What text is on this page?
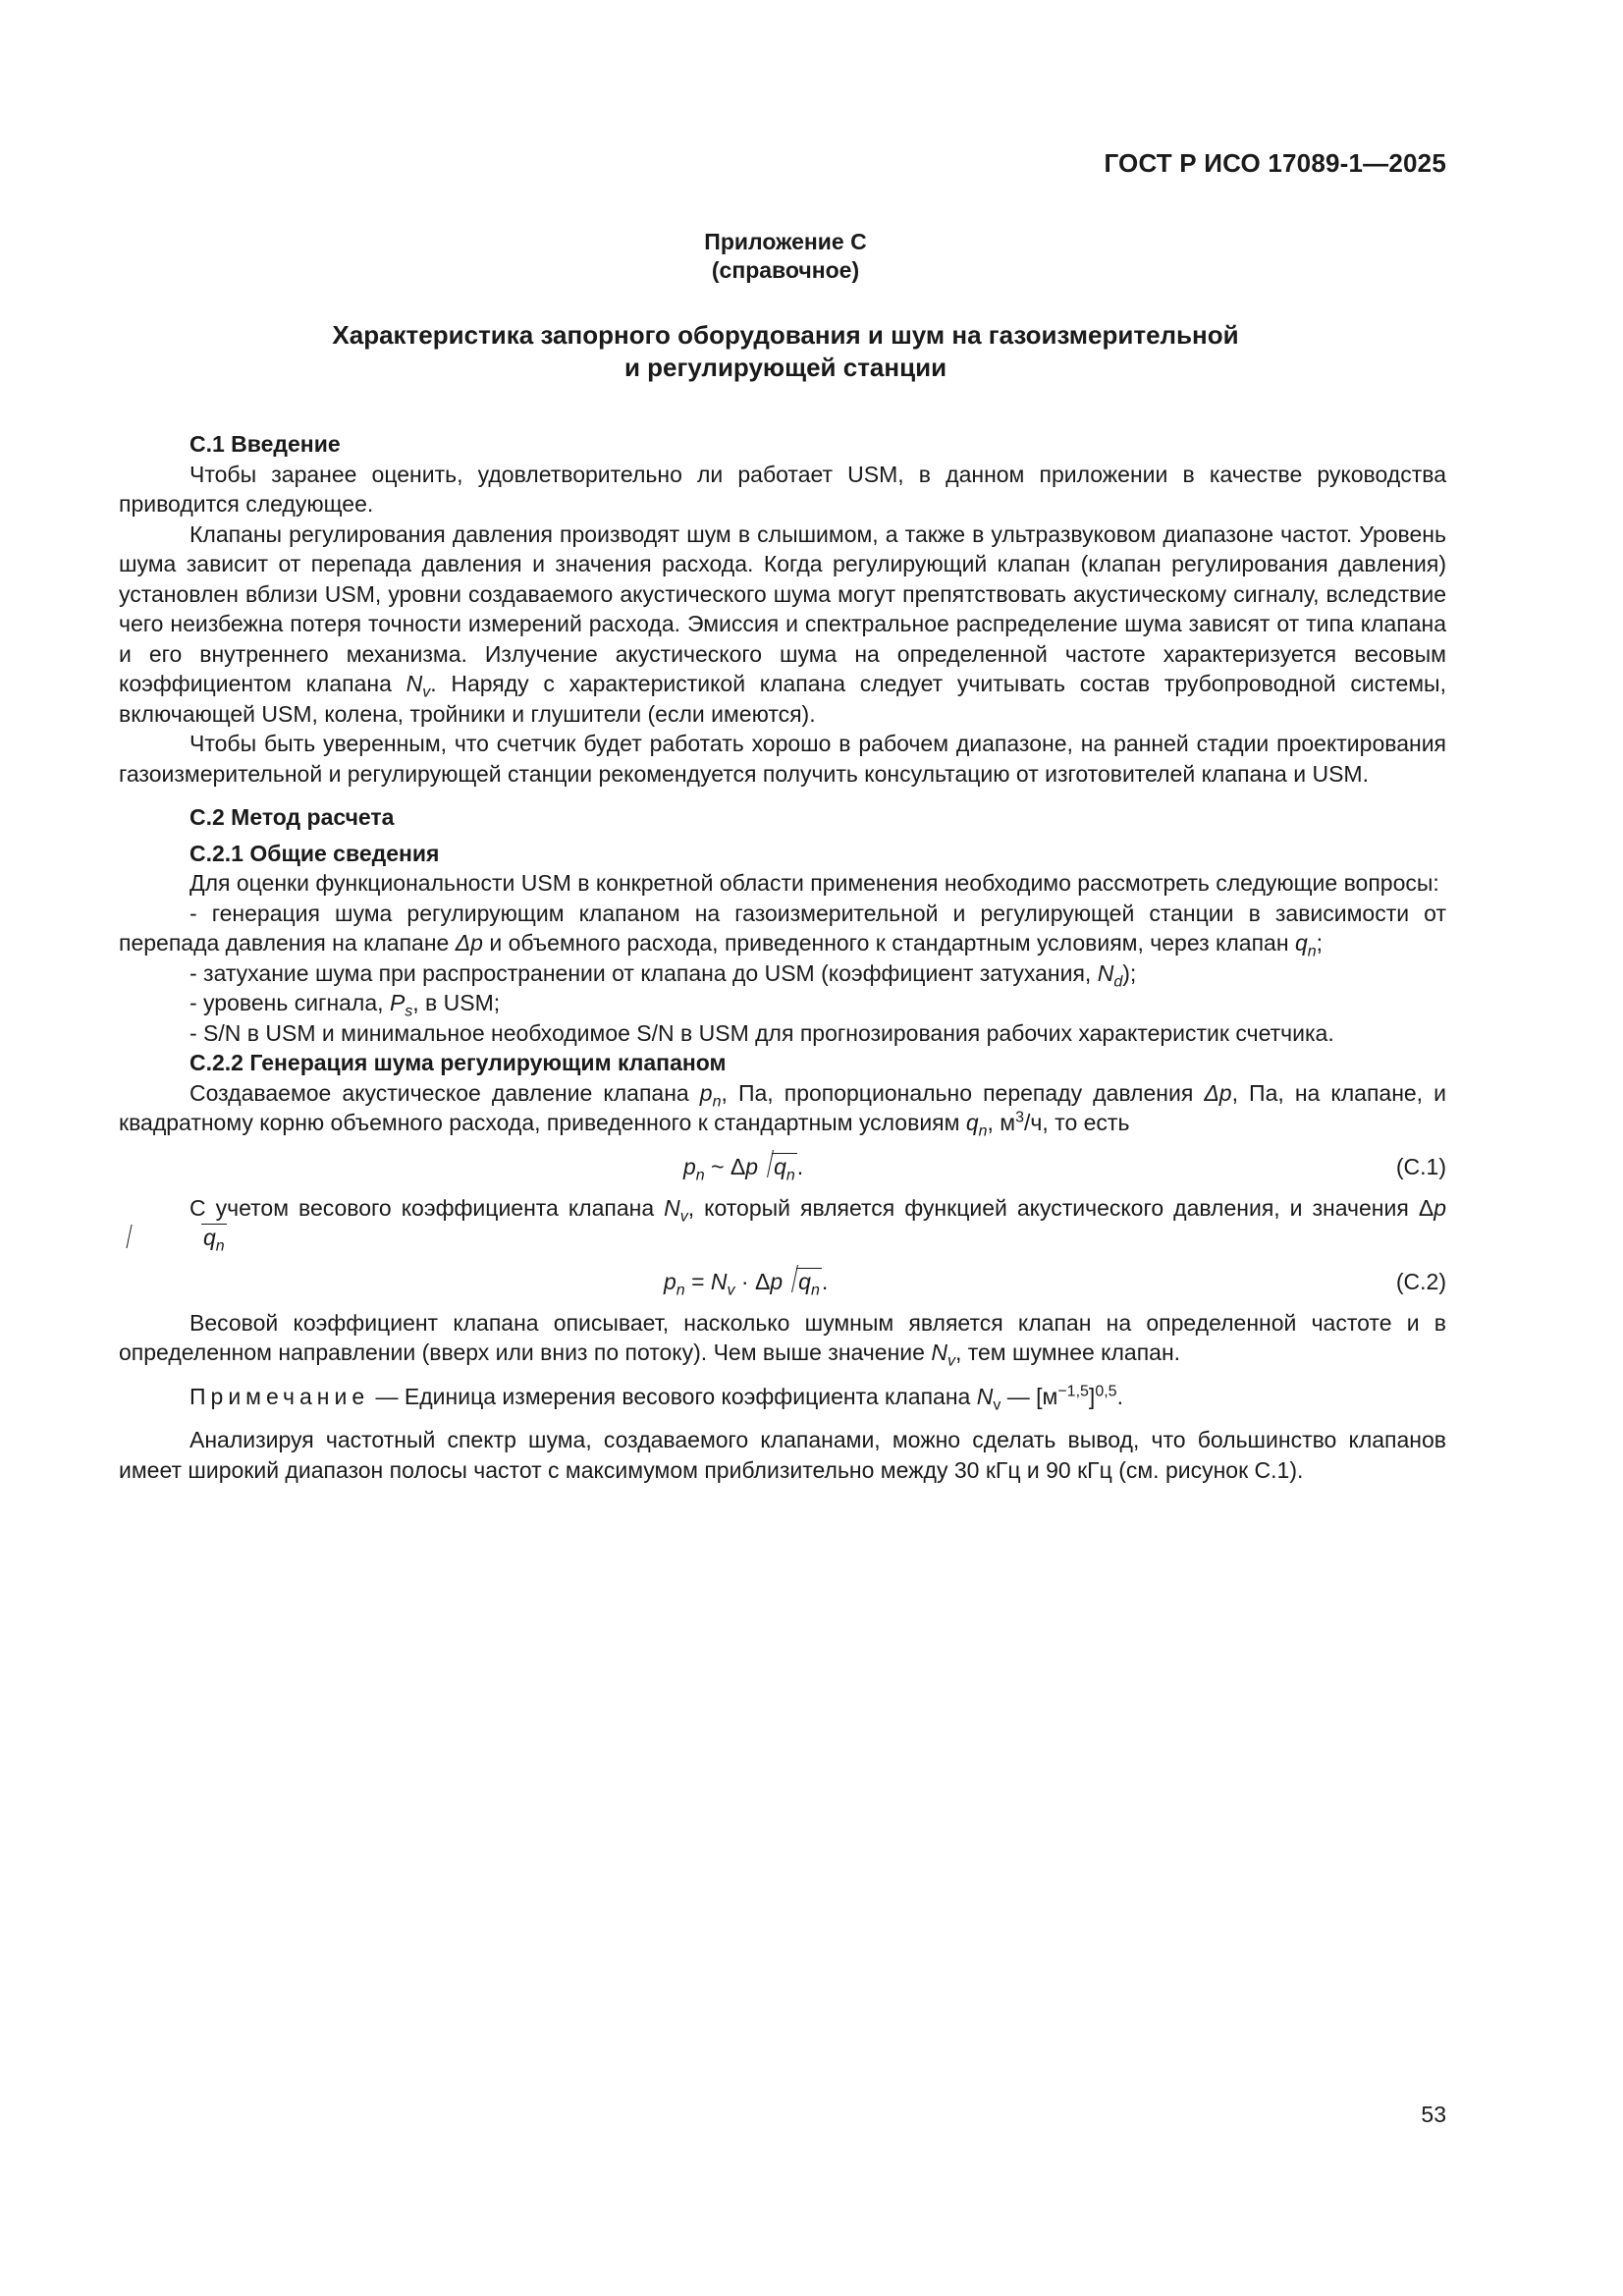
ГОСТ Р ИСО 17089-1—2025
Приложение С
(справочное)
Характеристика запорного оборудования и шум на газоизмерительной
и регулирующей станции
С.1 Введение

Чтобы заранее оценить, удовлетворительно ли работает USM, в данном приложении в качестве руководства приводится следующее.

Клапаны регулирования давления производят шум в слышимом, а также в ультразвуковом диапазоне частот. Уровень шума зависит от перепада давления и значения расхода. Когда регулирующий клапан (клапан регулирования давления) установлен вблизи USM, уровни создаваемого акустического шума могут препятствовать акустическому сигналу, вследствие чего неизбежна потеря точности измерений расхода. Эмиссия и спектральное распределение шума зависят от типа клапана и его внутреннего механизма. Излучение акустического шума на определенной частоте характеризуется весовым коэффициентом клапана $N_v$. Наряду с характеристикой клапана следует учитывать состав трубопроводной системы, включающей USM, колена, тройники и глушители (если имеются).

Чтобы быть уверенным, что счетчик будет работать хорошо в рабочем диапазоне, на ранней стадии проектирования газоизмерительной и регулирующей станции рекомендуется получить консультацию от изготовителей клапана и USM.

С.2 Метод расчета
С.2.1 Общие сведения

Для оценки функциональности USM в конкретной области применения необходимо рассмотреть следующие вопросы:

- генерация шума регулирующим клапаном на газоизмерительной и регулирующей станции в зависимости от перепада давления на клапане Δp и объемного расхода, приведенного к стандартным условиям, через клапан $q_n$;

- затухание шума при распространении от клапана до USM (коэффициент затухания, $N_d$);

- уровень сигнала, $P_s$, в USM;

- S/N в USM и минимальное необходимое S/N в USM для прогнозирования рабочих характеристик счетчика.

С.2.2 Генерация шума регулирующим клапаном

Создаваемое акустическое давление клапана $p_n$, Па, пропорционально перепаду давления Δp, Па, на клапане, и квадратному корню объемного расхода, приведенного к стандартным условиям $q_n$, $м^3/ч$, то есть

$p_n$ ~ Δp $q_n$.	(C.1)

С учетом весового коэффициента клапана $N_v$, который является функцией акустического давления, и значения Δpq$_n$

$p_n = N_v \cdot \Delta p$ $q_n$.	(C.2)

Весовой коэффициент клапана описывает, насколько шумным является клапан на определенной частоте и в определенном направлении (вверх или вниз по потоку). Чем выше значение $N_v$, тем шумнее клапан.

Примечание — Единица измерения весового коэффициента клапана $N_v$ — $[м^{-1,5}]^{0,5}$.

Анализируя частотный спектр шума, создаваемого клапанами, можно сделать вывод, что большинство клапанов имеет широкий диапазон полосы частот с максимумом приблизительно между 30 кГц и 90 кГц (см. рисунок С.1).

53
